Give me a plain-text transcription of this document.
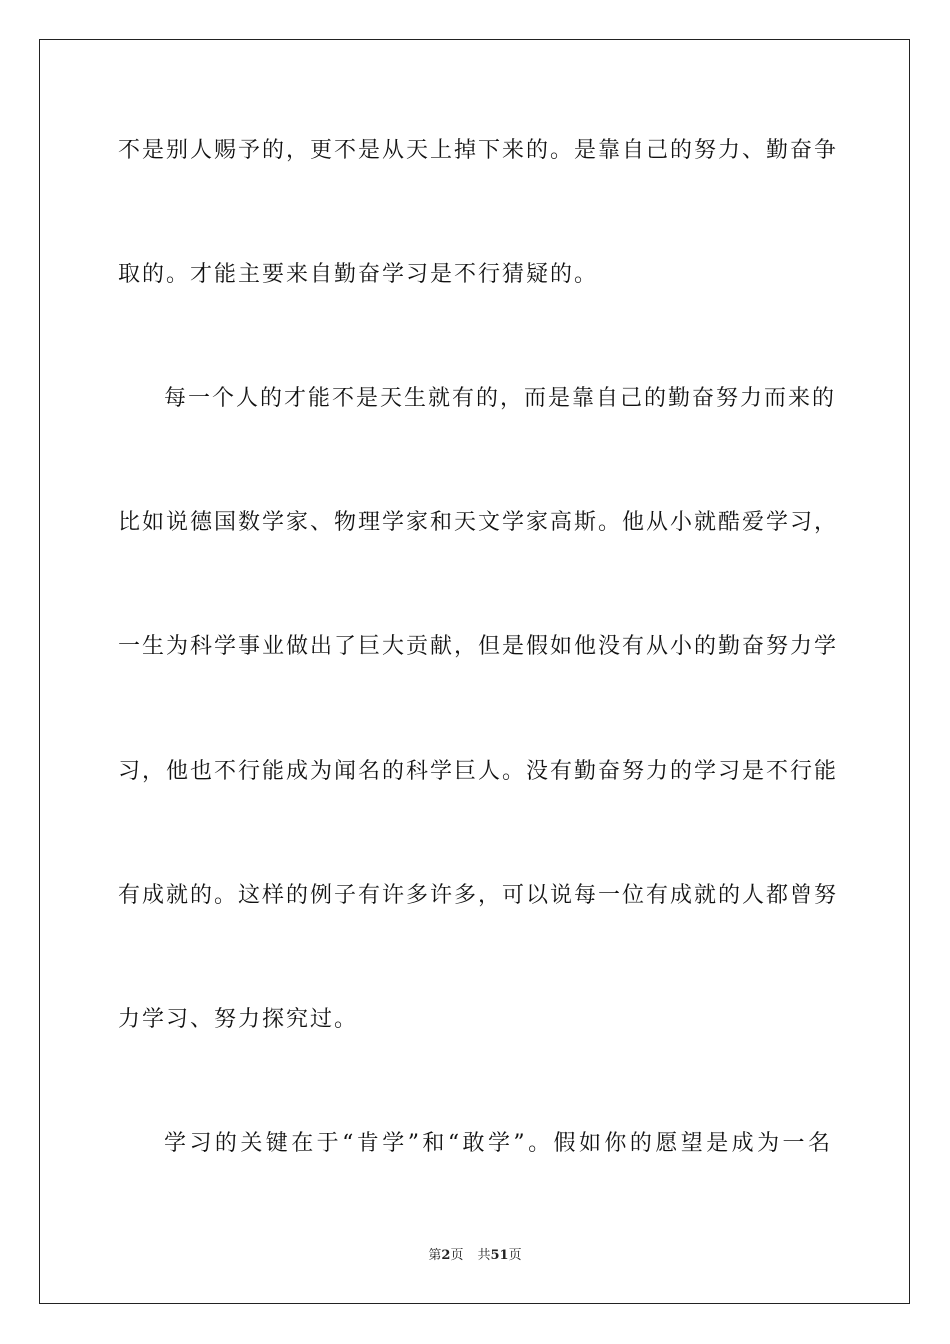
不是别人赐予的，更不是从天上掉下来的。是靠自己的努力、勤奋争
取的。才能主要来自勤奋学习是不行猜疑的。
每一个人的才能不是天生就有的，而是靠自己的勤奋努力而来的
比如说德国数学家、物理学家和天文学家高斯。他从小就酷爱学习，
一生为科学事业做出了巨大贡献，但是假如他没有从小的勤奋努力学
习，他也不行能成为闻名的科学巨人。没有勤奋努力的学习是不行能
有成就的。这样的例子有许多许多，可以说每一位有成就的人都曾努
力学习、努力探究过。
学习的关键在于“肯学”和“敢学”。假如你的愿望是成为一名
第2页 共51页
